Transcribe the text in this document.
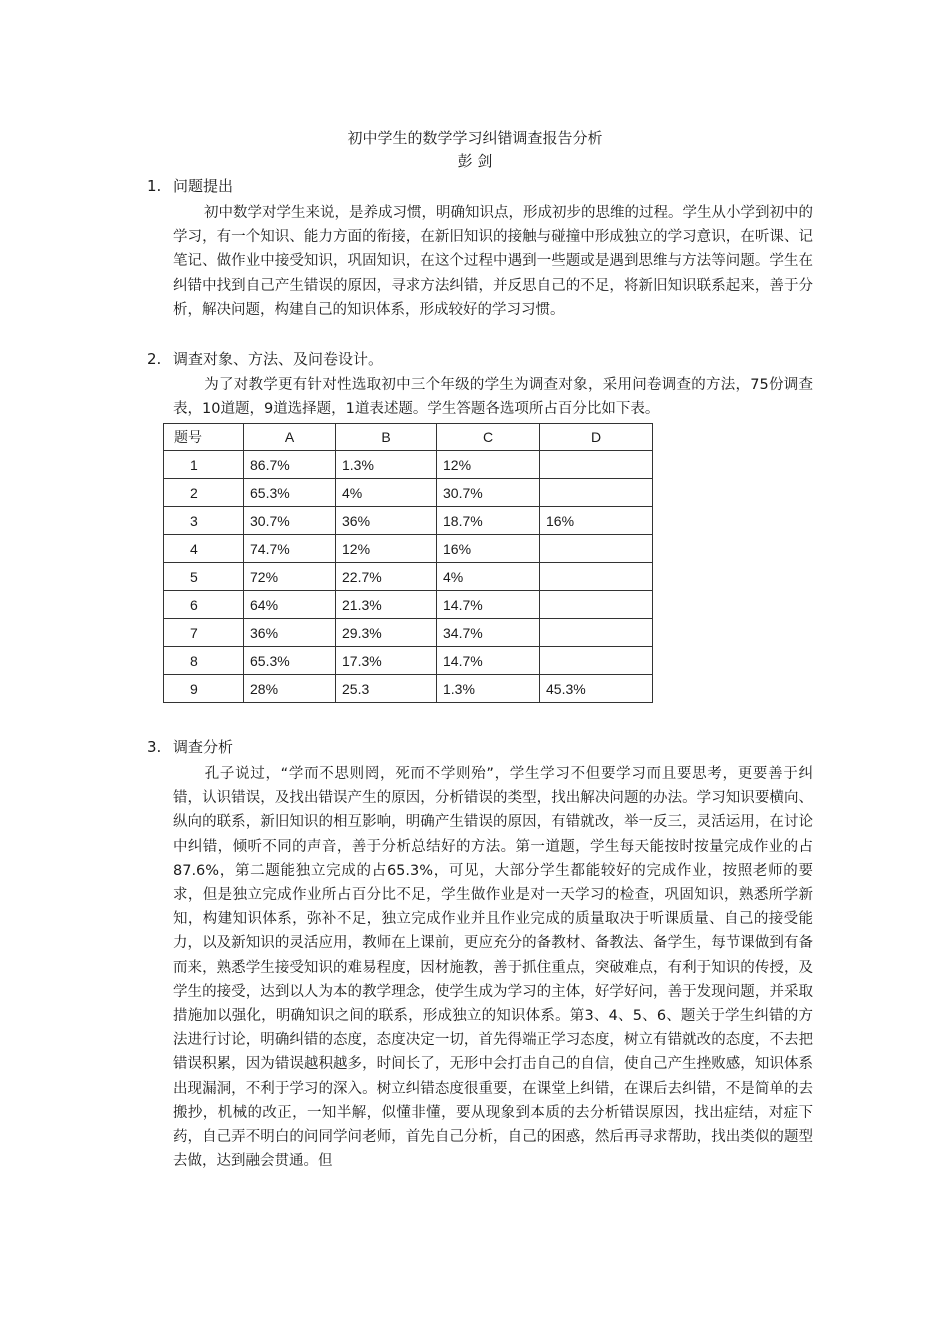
初中学生的数学学习纠错调查报告分析
彭 剑
1. 问题提出

初中数学对学生来说，是养成习惯，明确知识点，形成初步的思维的过程。学生从小学到初中的学习，有一个知识、能力方面的衔接，在新旧知识的接触与碰撞中形成独立的学习意识，在听课、记笔记、做作业中接受知识，巩固知识，在这个过程中遇到一些题或是遇到思维与方法等问题。学生在纠错中找到自己产生错误的原因，寻求方法纠错，并反思自己的不足，将新旧知识联系起来，善于分析，解决问题，构建自己的知识体系，形成较好的学习习惯。

2. 调查对象、方法、及问卷设计。

为了对教学更有针对性选取初中三个年级的学生为调查对象，采用问卷调查的方法，75份调查表，10道题，9道选择题，1道表述题。学生答题各选项所占百分比如下表。

题号	A	B	C	D
1	86.7%	1.3%	12%	
2	65.3%	4%	30.7%	
3	30.7%	36%	18.7%	16%
4	74.7%	12%	16%	
5	72%	22.7%	4%	
6	64%	21.3%	14.7%	
7	36%	29.3%	34.7%	
8	65.3%	17.3%	14.7%	
9	28%	25.3	1.3%	45.3%
3. 调查分析

孔子说过，“学而不思则罔，死而不学则殆”，学生学习不但要学习而且要思考，更要善于纠错，认识错误，及找出错误产生的原因，分析错误的类型，找出解决问题的办法。学习知识要横向、纵向的联系，新旧知识的相互影响，明确产生错误的原因，有错就改，举一反三，灵活运用，在讨论中纠错，倾听不同的声音，善于分析总结好的方法。第一道题，学生每天能按时按量完成作业的占87.6%，第二题能独立完成的占65.3%，可见，大部分学生都能较好的完成作业，按照老师的要求，但是独立完成作业所占百分比不足，学生做作业是对一天学习的检查，巩固知识，熟悉所学新知，构建知识体系，弥补不足，独立完成作业并且作业完成的质量取决于听课质量、自己的接受能力，以及新知识的灵活应用，教师在上课前，更应充分的备教材、备教法、备学生，每节课做到有备而来，熟悉学生接受知识的难易程度，因材施教，善于抓住重点，突破难点，有利于知识的传授，及学生的接受，达到以人为本的教学理念，使学生成为学习的主体，好学好问，善于发现问题，并采取措施加以强化，明确知识之间的联系，形成独立的知识体系。第3、4、5、6、题关于学生纠错的方法进行讨论，明确纠错的态度，态度决定一切，首先得端正学习态度，树立有错就改的态度，不去把错误积累，因为错误越积越多，时间长了，无形中会打击自己的自信，使自己产生挫败感，知识体系出现漏洞，不利于学习的深入。树立纠错态度很重要，在课堂上纠错，在课后去纠错，不是简单的去搬抄，机械的改正，一知半解，似懂非懂，要从现象到本质的去分析错误原因，找出症结，对症下药，自己弄不明白的问同学问老师，首先自己分析，自己的困惑，然后再寻求帮助，找出类似的题型去做，达到融会贯通。但
